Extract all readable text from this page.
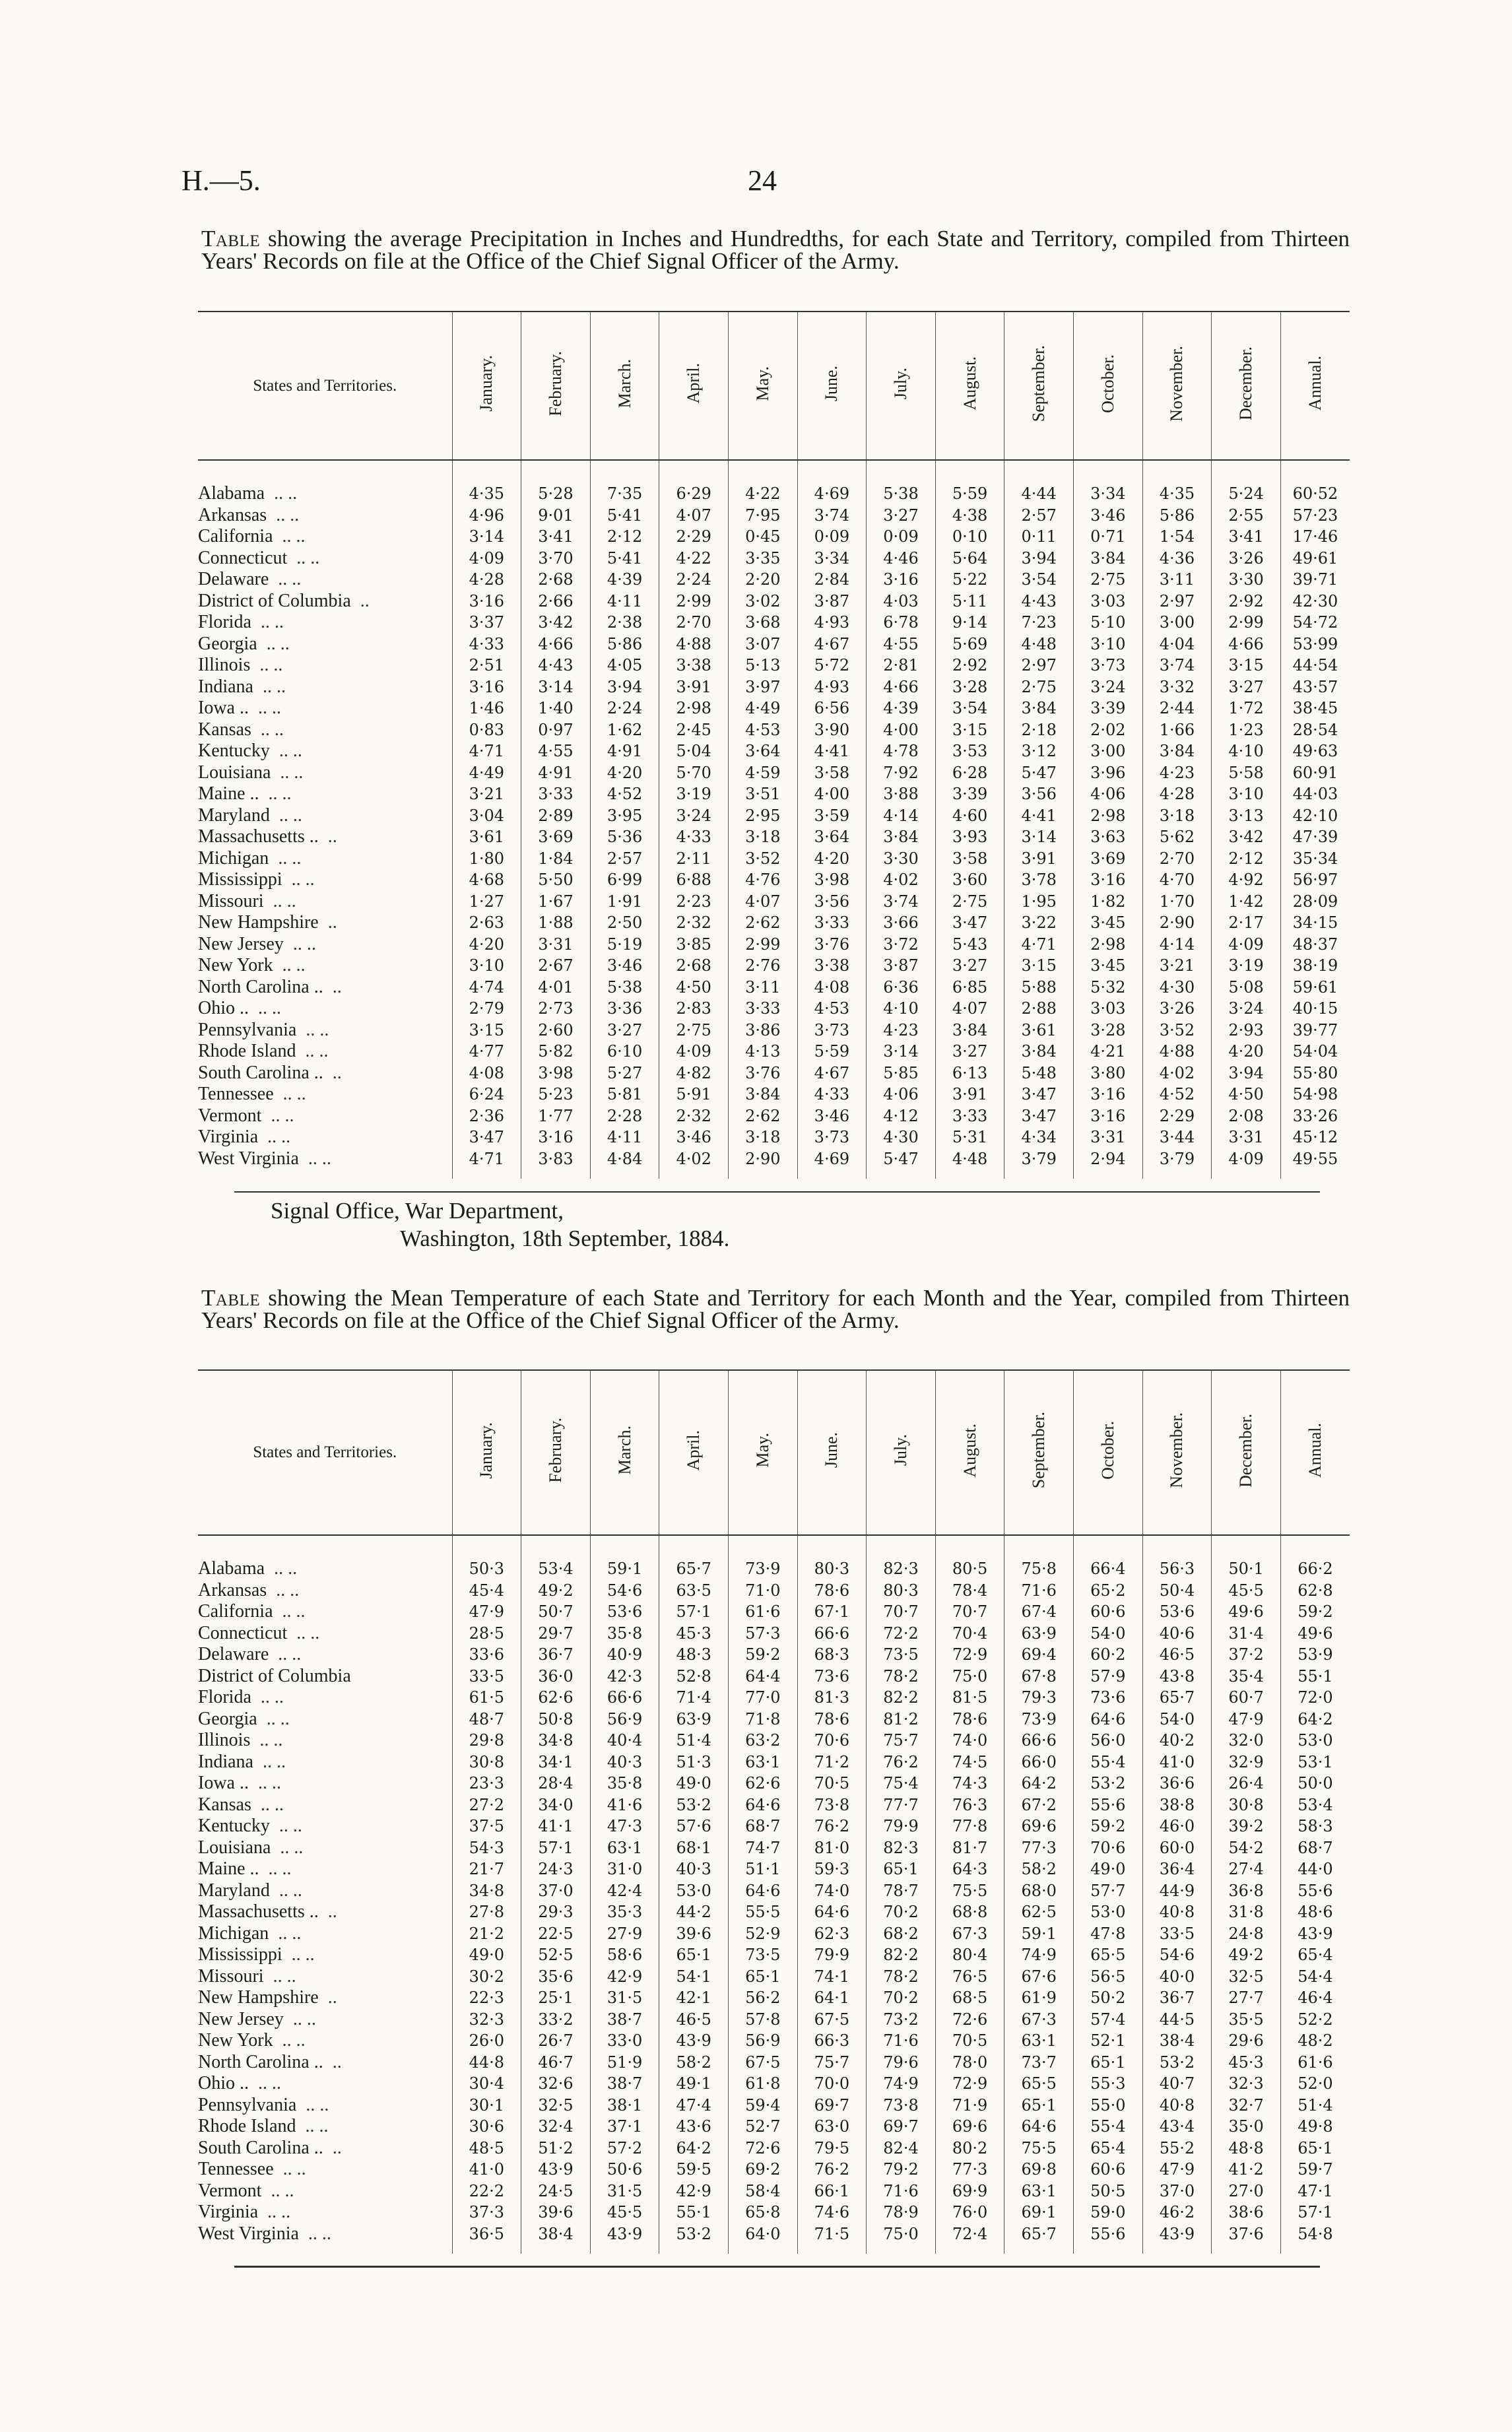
H.—5.	24
Table showing the average Precipitation in Inches and Hundredths, for each State and Territory, compiled from Thirteen Years' Records on file at the Office of the Chief Signal Officer of the Army.
States and Territories.	January.	February.	March.	April.	May.	June.	July.	August.	September.	October.	November.	December.	Annual.
Alabama .. ..	4·35	5·28	7·35	6·29	4·22	4·69	5·38	5·59	4·44	3·34	4·35	5·24	60·52
Arkansas .. ..	4·96	9·01	5·41	4·07	7·95	3·74	3·27	4·38	2·57	3·46	5·86	2·55	57·23
California .. ..	3·14	3·41	2·12	2·29	0·45	0·09	0·09	0·10	0·11	0·71	1·54	3·41	17·46
Connecticut .. ..	4·09	3·70	5·41	4·22	3·35	3·34	4·46	5·64	3·94	3·84	4·36	3·26	49·61
Delaware .. ..	4·28	2·68	4·39	2·24	2·20	2·84	3·16	5·22	3·54	2·75	3·11	3·30	39·71
District of Columbia ..	3·16	2·66	4·11	2·99	3·02	3·87	4·03	5·11	4·43	3·03	2·97	2·92	42·30
Florida .. ..	3·37	3·42	2·38	2·70	3·68	4·93	6·78	9·14	7·23	5·10	3·00	2·99	54·72
Georgia .. ..	4·33	4·66	5·86	4·88	3·07	4·67	4·55	5·69	4·48	3·10	4·04	4·66	53·99
Illinois .. ..	2·51	4·43	4·05	3·38	5·13	5·72	2·81	2·92	2·97	3·73	3·74	3·15	44·54
Indiana .. ..	3·16	3·14	3·94	3·91	3·97	4·93	4·66	3·28	2·75	3·24	3·32	3·27	43·57
Iowa .. .. ..	1·46	1·40	2·24	2·98	4·49	6·56	4·39	3·54	3·84	3·39	2·44	1·72	38·45
Kansas .. ..	0·83	0·97	1·62	2·45	4·53	3·90	4·00	3·15	2·18	2·02	1·66	1·23	28·54
Kentucky .. ..	4·71	4·55	4·91	5·04	3·64	4·41	4·78	3·53	3·12	3·00	3·84	4·10	49·63
Louisiana .. ..	4·49	4·91	4·20	5·70	4·59	3·58	7·92	6·28	5·47	3·96	4·23	5·58	60·91
Maine .. .. ..	3·21	3·33	4·52	3·19	3·51	4·00	3·88	3·39	3·56	4·06	4·28	3·10	44·03
Maryland .. ..	3·04	2·89	3·95	3·24	2·95	3·59	4·14	4·60	4·41	2·98	3·18	3·13	42·10
Massachusetts .. ..	3·61	3·69	5·36	4·33	3·18	3·64	3·84	3·93	3·14	3·63	5·62	3·42	47·39
Michigan .. ..	1·80	1·84	2·57	2·11	3·52	4·20	3·30	3·58	3·91	3·69	2·70	2·12	35·34
Mississippi .. ..	4·68	5·50	6·99	6·88	4·76	3·98	4·02	3·60	3·78	3·16	4·70	4·92	56·97
Missouri .. ..	1·27	1·67	1·91	2·23	4·07	3·56	3·74	2·75	1·95	1·82	1·70	1·42	28·09
New Hampshire ..	2·63	1·88	2·50	2·32	2·62	3·33	3·66	3·47	3·22	3·45	2·90	2·17	34·15
New Jersey .. ..	4·20	3·31	5·19	3·85	2·99	3·76	3·72	5·43	4·71	2·98	4·14	4·09	48·37
New York .. ..	3·10	2·67	3·46	2·68	2·76	3·38	3·87	3·27	3·15	3·45	3·21	3·19	38·19
North Carolina .. ..	4·74	4·01	5·38	4·50	3·11	4·08	6·36	6·85	5·88	5·32	4·30	5·08	59·61
Ohio .. .. ..	2·79	2·73	3·36	2·83	3·33	4·53	4·10	4·07	2·88	3·03	3·26	3·24	40·15
Pennsylvania .. ..	3·15	2·60	3·27	2·75	3·86	3·73	4·23	3·84	3·61	3·28	3·52	2·93	39·77
Rhode Island .. ..	4·77	5·82	6·10	4·09	4·13	5·59	3·14	3·27	3·84	4·21	4·88	4·20	54·04
South Carolina .. ..	4·08	3·98	5·27	4·82	3·76	4·67	5·85	6·13	5·48	3·80	4·02	3·94	55·80
Tennessee .. ..	6·24	5·23	5·81	5·91	3·84	4·33	4·06	3·91	3·47	3·16	4·52	4·50	54·98
Vermont .. ..	2·36	1·77	2·28	2·32	2·62	3·46	4·12	3·33	3·47	3·16	2·29	2·08	33·26
Virginia .. ..	3·47	3·16	4·11	3·46	3·18	3·73	4·30	5·31	4·34	3·31	3·44	3·31	45·12
West Virginia .. ..	4·71	3·83	4·84	4·02	2·90	4·69	5·47	4·48	3·79	2·94	3·79	4·09	49·55
Signal Office, War Department,
Washington, 18th September, 1884.
Table showing the Mean Temperature of each State and Territory for each Month and the Year, compiled from Thirteen Years' Records on file at the Office of the Chief Signal Officer of the Army.
States and Territories.	January.	February.	March.	April.	May.	June.	July.	August.	September.	October.	November.	December.	Annual.
Alabama .. ..	50·3	53·4	59·1	65·7	73·9	80·3	82·3	80·5	75·8	66·4	56·3	50·1	66·2
Arkansas .. ..	45·4	49·2	54·6	63·5	71·0	78·6	80·3	78·4	71·6	65·2	50·4	45·5	62·8
California .. ..	47·9	50·7	53·6	57·1	61·6	67·1	70·7	70·7	67·4	60·6	53·6	49·6	59·2
Connecticut .. ..	28·5	29·7	35·8	45·3	57·3	66·6	72·2	70·4	63·9	54·0	40·6	31·4	49·6
Delaware .. ..	33·6	36·7	40·9	48·3	59·2	68·3	73·5	72·9	69·4	60·2	46·5	37·2	53·9
District of Columbia	33·5	36·0	42·3	52·8	64·4	73·6	78·2	75·0	67·8	57·9	43·8	35·4	55·1
Florida .. ..	61·5	62·6	66·6	71·4	77·0	81·3	82·2	81·5	79·3	73·6	65·7	60·7	72·0
Georgia .. ..	48·7	50·8	56·9	63·9	71·8	78·6	81·2	78·6	73·9	64·6	54·0	47·9	64·2
Illinois .. ..	29·8	34·8	40·4	51·4	63·2	70·6	75·7	74·0	66·6	56·0	40·2	32·0	53·0
Indiana .. ..	30·8	34·1	40·3	51·3	63·1	71·2	76·2	74·5	66·0	55·4	41·0	32·9	53·1
Iowa .. .. ..	23·3	28·4	35·8	49·0	62·6	70·5	75·4	74·3	64·2	53·2	36·6	26·4	50·0
Kansas .. ..	27·2	34·0	41·6	53·2	64·6	73·8	77·7	76·3	67·2	55·6	38·8	30·8	53·4
Kentucky .. ..	37·5	41·1	47·3	57·6	68·7	76·2	79·9	77·8	69·6	59·2	46·0	39·2	58·3
Louisiana .. ..	54·3	57·1	63·1	68·1	74·7	81·0	82·3	81·7	77·3	70·6	60·0	54·2	68·7
Maine .. .. ..	21·7	24·3	31·0	40·3	51·1	59·3	65·1	64·3	58·2	49·0	36·4	27·4	44·0
Maryland .. ..	34·8	37·0	42·4	53·0	64·6	74·0	78·7	75·5	68·0	57·7	44·9	36·8	55·6
Massachusetts .. ..	27·8	29·3	35·3	44·2	55·5	64·6	70·2	68·8	62·5	53·0	40·8	31·8	48·6
Michigan .. ..	21·2	22·5	27·9	39·6	52·9	62·3	68·2	67·3	59·1	47·8	33·5	24·8	43·9
Mississippi .. ..	49·0	52·5	58·6	65·1	73·5	79·9	82·2	80·4	74·9	65·5	54·6	49·2	65·4
Missouri .. ..	30·2	35·6	42·9	54·1	65·1	74·1	78·2	76·5	67·6	56·5	40·0	32·5	54·4
New Hampshire ..	22·3	25·1	31·5	42·1	56·2	64·1	70·2	68·5	61·9	50·2	36·7	27·7	46·4
New Jersey .. ..	32·3	33·2	38·7	46·5	57·8	67·5	73·2	72·6	67·3	57·4	44·5	35·5	52·2
New York .. ..	26·0	26·7	33·0	43·9	56·9	66·3	71·6	70·5	63·1	52·1	38·4	29·6	48·2
North Carolina .. ..	44·8	46·7	51·9	58·2	67·5	75·7	79·6	78·0	73·7	65·1	53·2	45·3	61·6
Ohio .. .. ..	30·4	32·6	38·7	49·1	61·8	70·0	74·9	72·9	65·5	55·3	40·7	32·3	52·0
Pennsylvania .. ..	30·1	32·5	38·1	47·4	59·4	69·7	73·8	71·9	65·1	55·0	40·8	32·7	51·4
Rhode Island .. ..	30·6	32·4	37·1	43·6	52·7	63·0	69·7	69·6	64·6	55·4	43·4	35·0	49·8
South Carolina .. ..	48·5	51·2	57·2	64·2	72·6	79·5	82·4	80·2	75·5	65·4	55·2	48·8	65·1
Tennessee .. ..	41·0	43·9	50·6	59·5	69·2	76·2	79·2	77·3	69·8	60·6	47·9	41·2	59·7
Vermont .. ..	22·2	24·5	31·5	42·9	58·4	66·1	71·6	69·9	63·1	50·5	37·0	27·0	47·1
Virginia .. ..	37·3	39·6	45·5	55·1	65·8	74·6	78·9	76·0	69·1	59·0	46·2	38·6	57·1
West Virginia .. ..	36·5	38·4	43·9	53·2	64·0	71·5	75·0	72·4	65·7	55·6	43·9	37·6	54·8
